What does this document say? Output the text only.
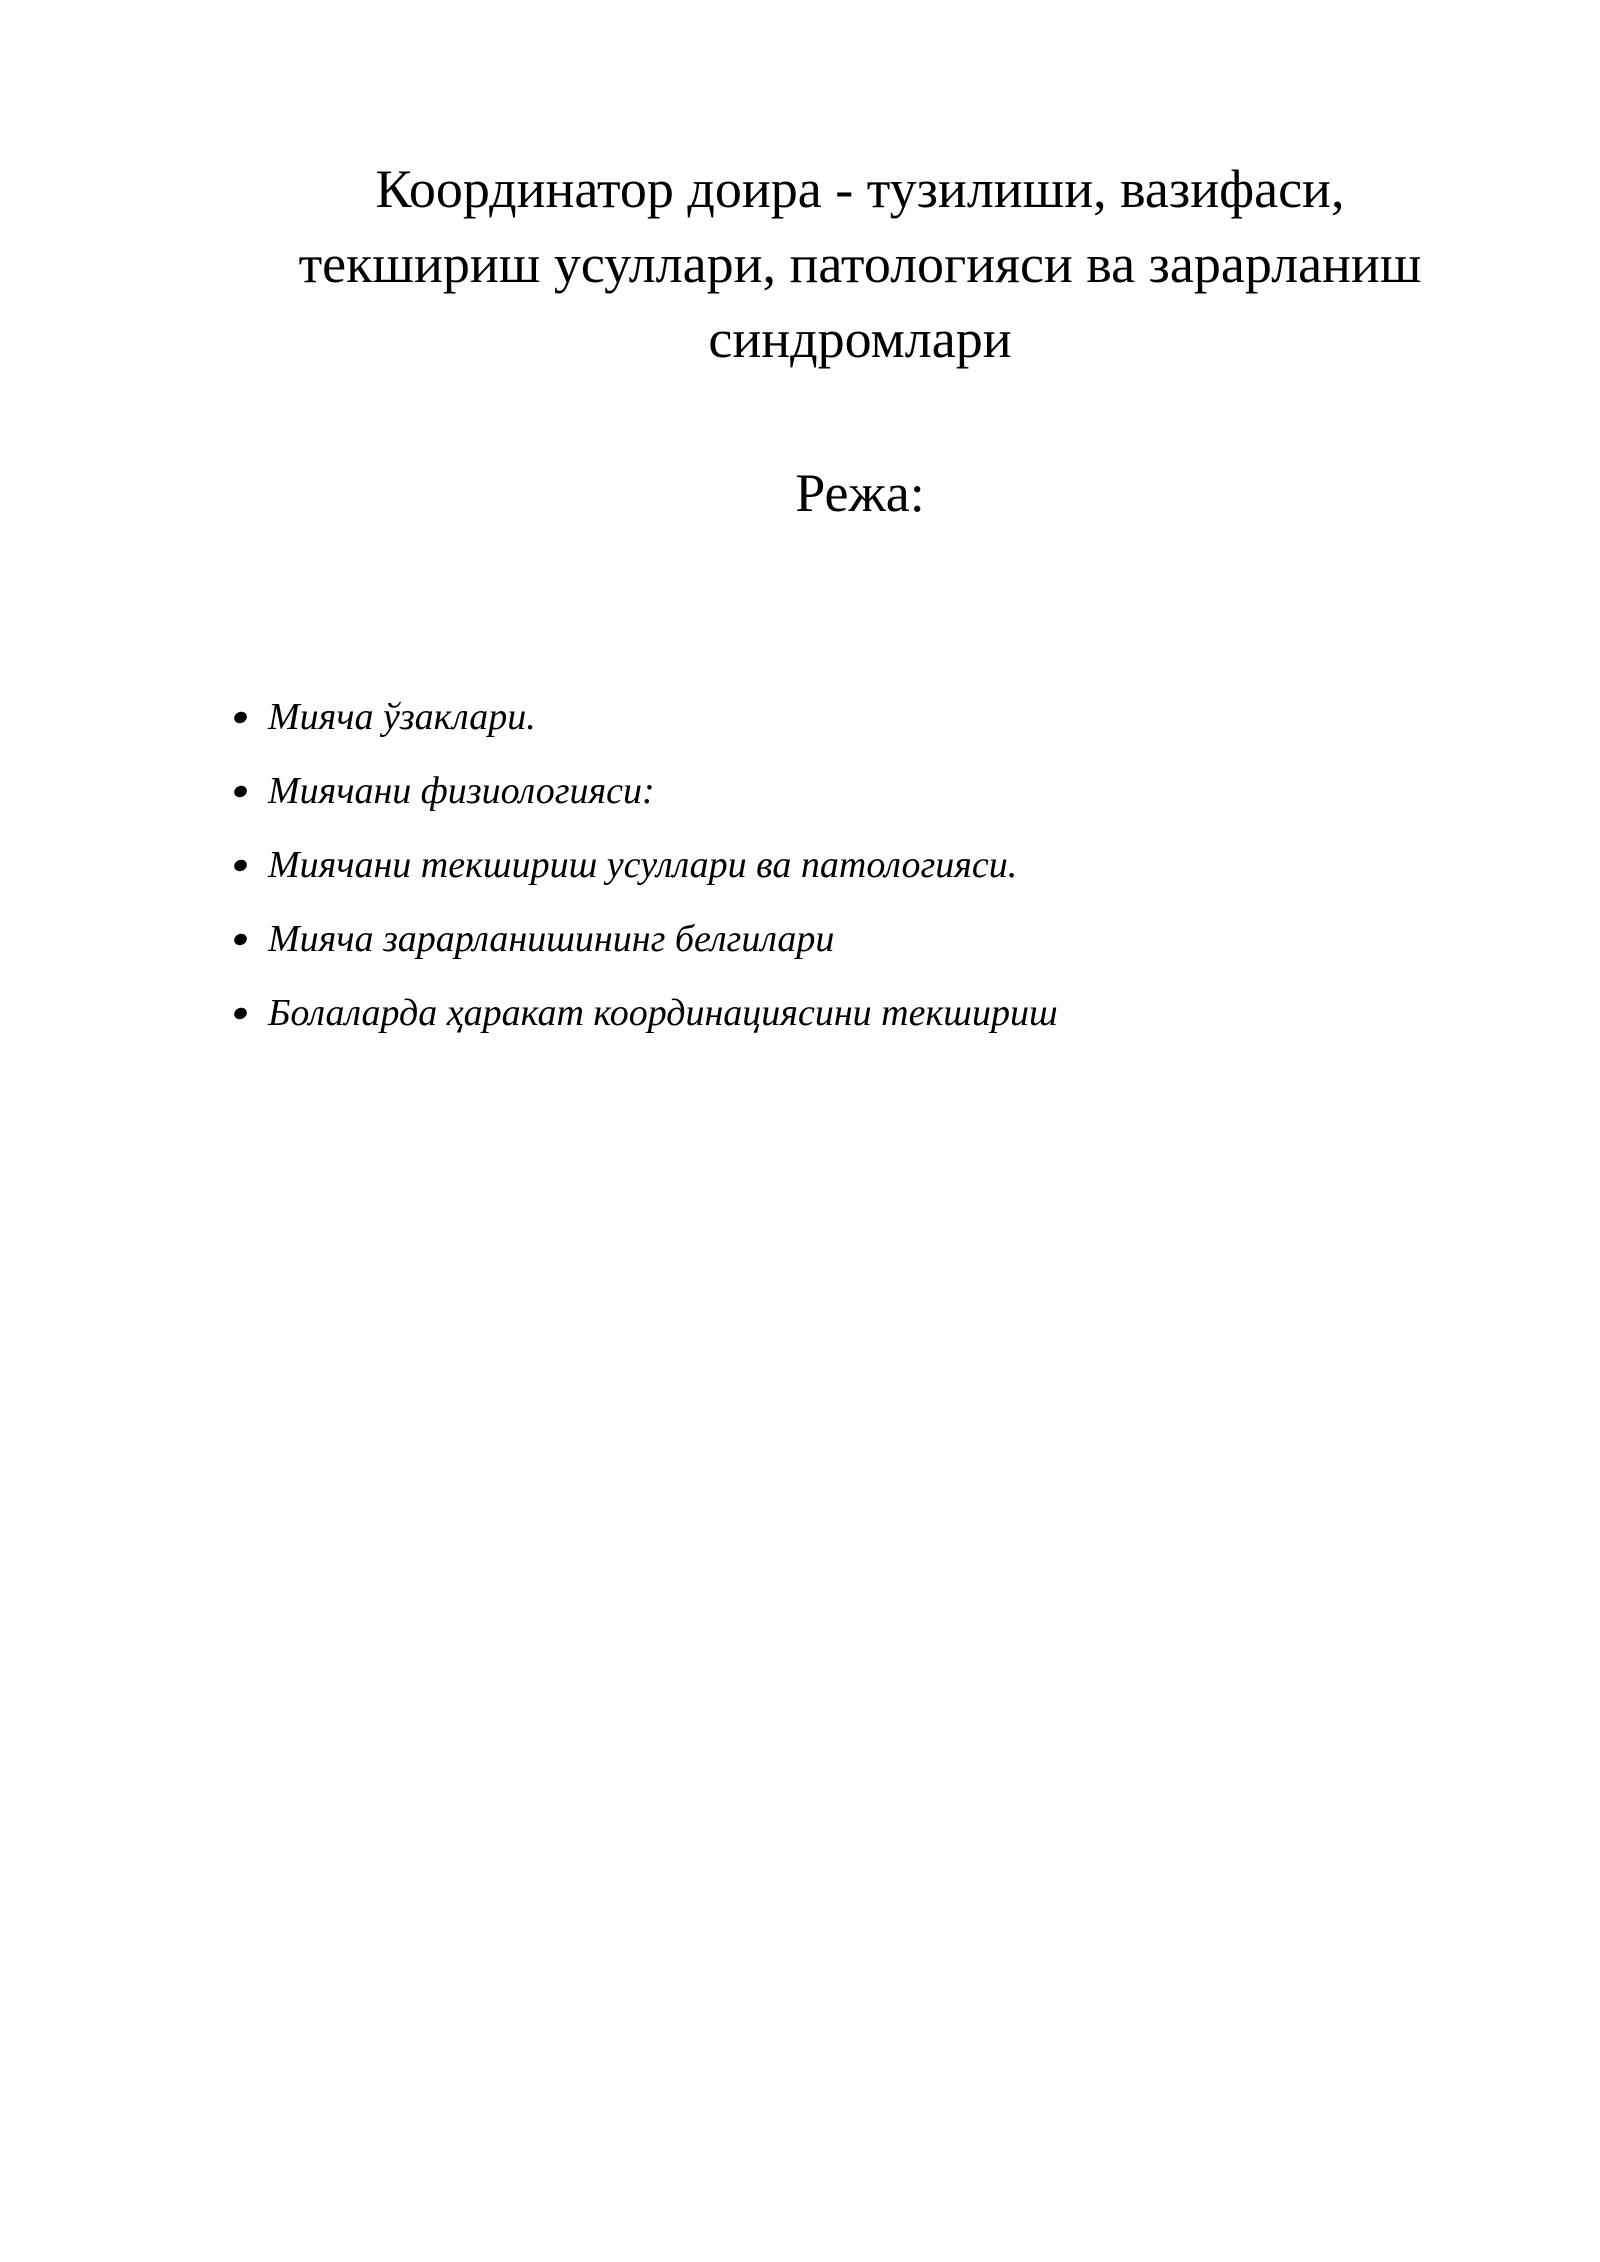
Координатор доира - тузилиши, вазифаси,
текшириш усуллари, патологияси ва зарарланиш
синдромлари
Режа:
Мияча ўзаклари.
Миячани физиологияси:
Миячани текшириш усуллари ва патологияси.
Мияча зарарланишининг белгилари
Болаларда ҳаракат координациясини текшириш
